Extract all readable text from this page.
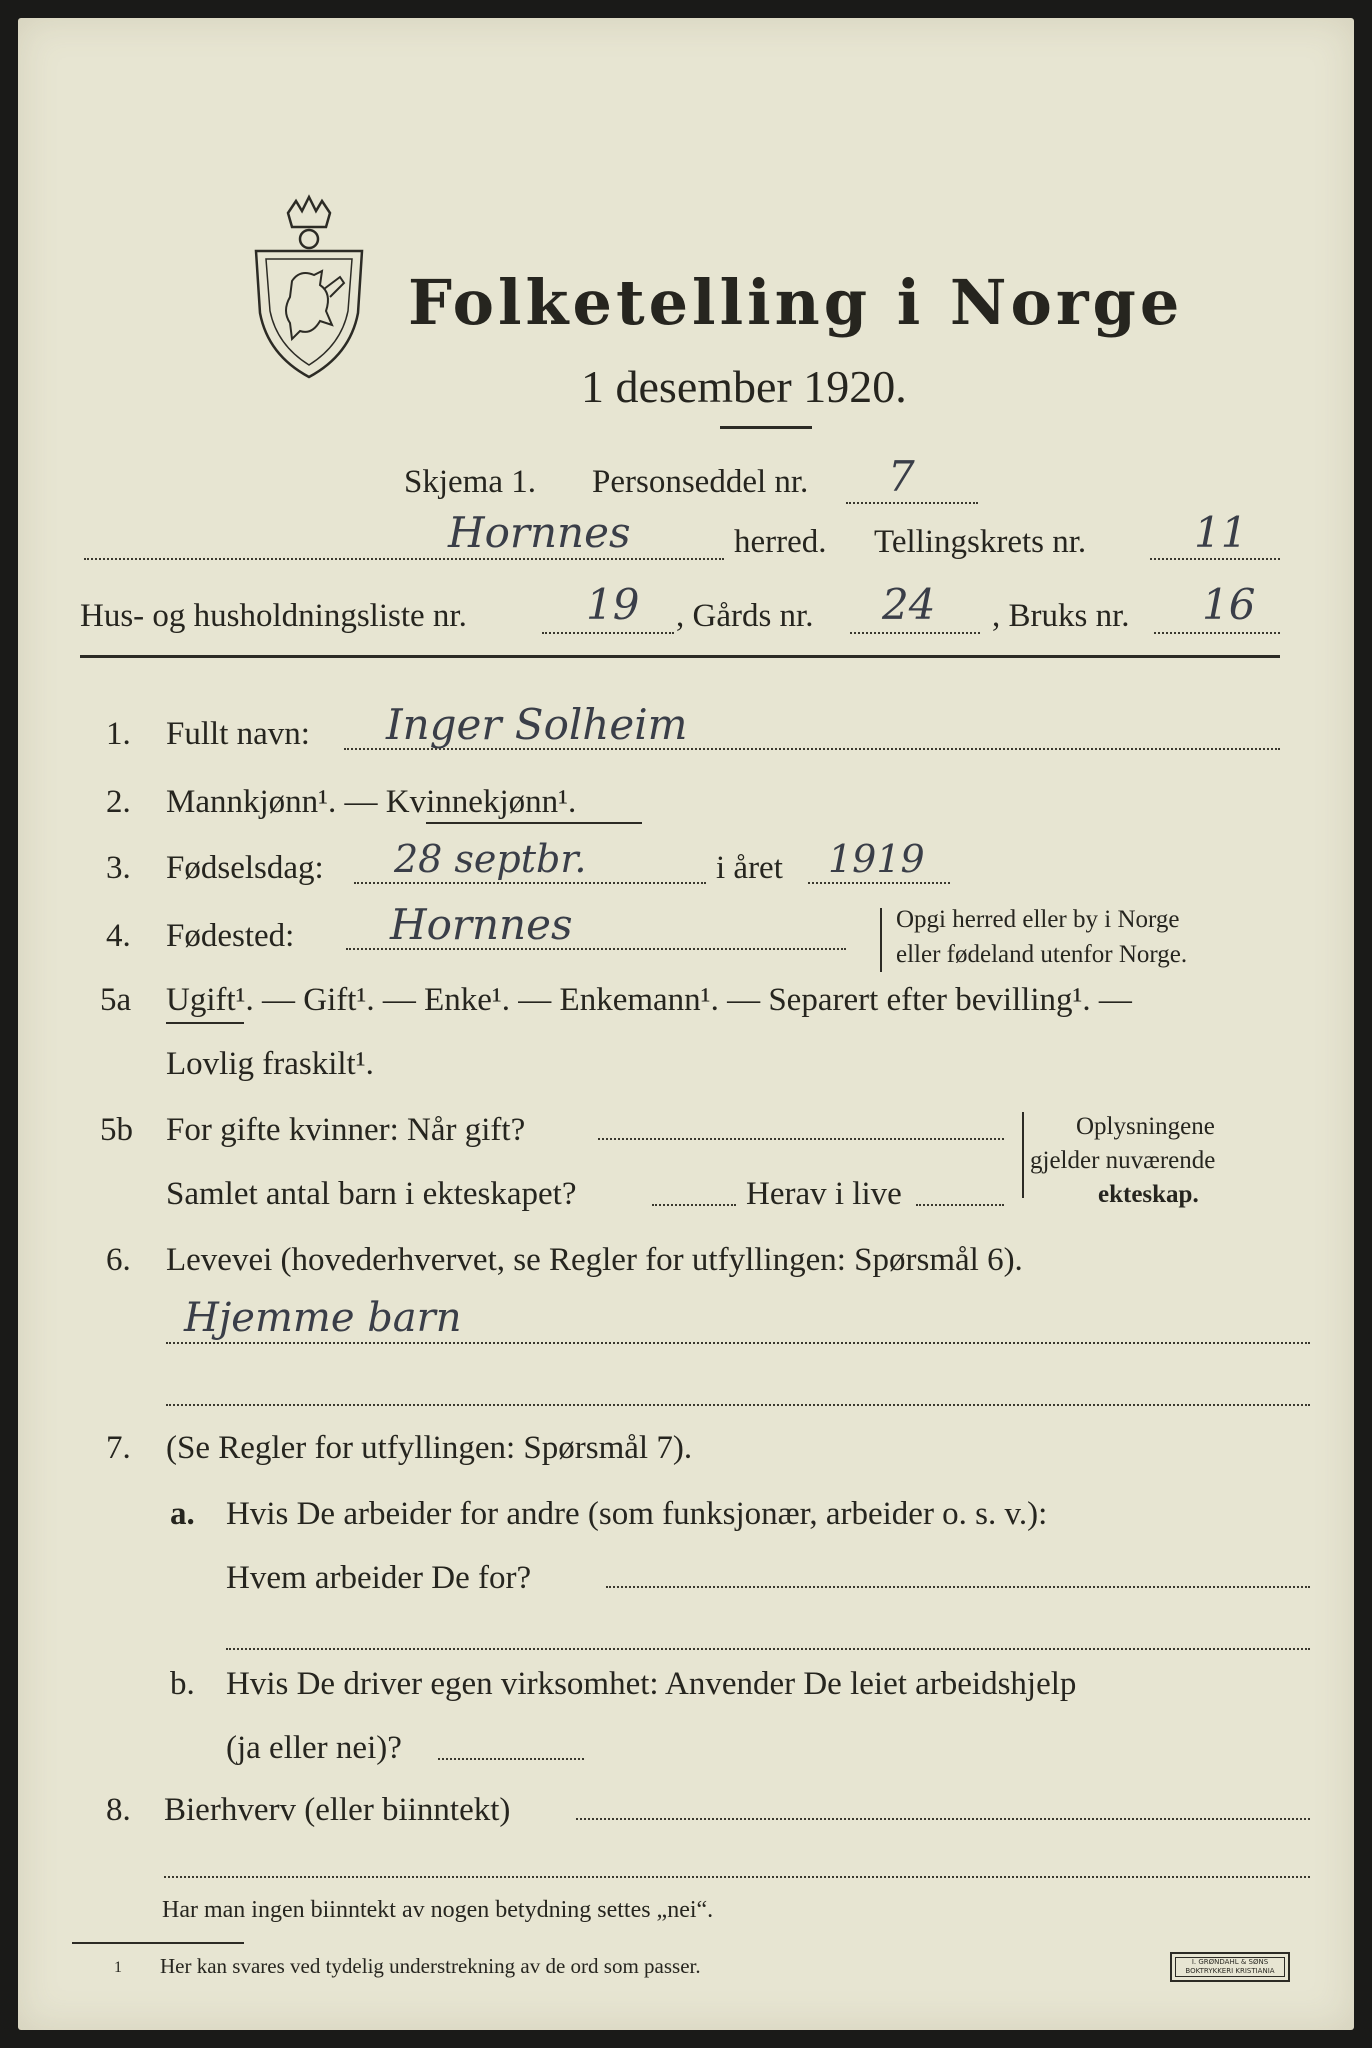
Folketelling i Norge
1 desember 1920.
Skjema 1. Personseddel nr. 7
Hornnes	herred. Tellingskrets nr.	11
Hus- og husholdningsliste nr.	19 , Gårds nr. 24 , Bruks nr. 16
1. Fullt navn: Inger Solheim
2. Mannkjønn¹. — Kvinnekjønn¹.
3. Fødselsdag: 28 septbr.	i året 1919
4. Fødested: Hornnes	Opgi herred eller by i Norge
eller fødeland utenfor Norge.
5a Ugift¹. — Gift¹. — Enke¹. — Enkemann¹. — Separert efter bevilling¹. —
Lovlig fraskilt¹.
5b For gifte kvinner: Når gift?
Samlet antal barn i ekteskapet?	Herav i live
Oplysningene
gjelder nuværende
ekteskap.
6. Levevei (hovederhvervet, se Regler for utfyllingen: Spørsmål 6).
Hjemme barn
7. (Se Regler for utfyllingen: Spørsmål 7).
a. Hvis De arbeider for andre (som funksjonær, arbeider o. s. v.):
Hvem arbeider De for?
b. Hvis De driver egen virksomhet: Anvender De leiet arbeidshjelp
(ja eller nei)?
8. Bierhverv (eller biinntekt)
Har man ingen biinntekt av nogen betydning settes „nei“.
1 Her kan svares ved tydelig understrekning av de ord som passer.	I. GRØNDAHL & SØNS BOKTRYKKERI KRISTIANIA
